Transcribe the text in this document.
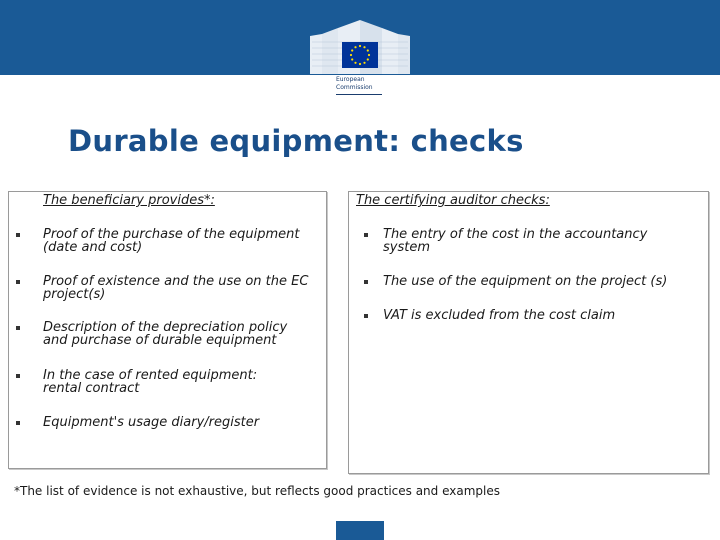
European
Commission
Durable equipment: checks
The beneficiary provides*:
Proof of the purchase of the equipment (date and cost)
Proof of existence and the use on the EC project(s)
Description of the depreciation policy and purchase of durable equipment
In the case of rented equipment: rental contract
Equipment's usage diary/register
The certifying auditor checks:
The entry of the cost in the accountancy system
The use of the equipment on the project (s)
VAT is excluded from the cost claim
*The list of evidence is not exhaustive, but reflects good practices and examples
